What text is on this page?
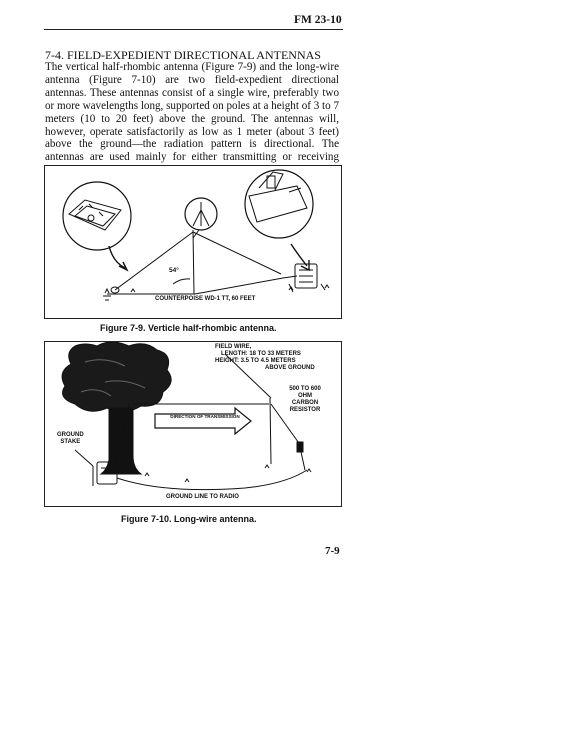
FM 23-10
7-4. FIELD-EXPEDIENT DIRECTIONAL ANTENNAS

The vertical half-rhombic antenna (Figure 7-9) and the long-wire antenna (Figure 7-10) are two field-expedient directional antennas. These antennas consist of a single wire, preferably two or more wavelengths long, supported on poles at a height of 3 to 7 meters (10 to 20 feet) above the ground. The antennas will, however, operate satisfactorily as low as 1 meter (about 3 feet) above the ground—the radiation pattern is directional. The antennas are used mainly for either transmitting or receiving

54°
COUNTERPOISE WD-1 TT, 60 FEET
Figure 7-9. Verticle half-rhombic antenna.
FIELD WIRE,
LENGTH: 18 TO 33 METERS
HEIGHT: 3.5 TO 4.5 METERS
ABOVE GROUND
500 TO 600
OHM
CARBON
RESISTOR
GROUND
STAKE
DIRECTION OF TRANSMISSION
GROUND LINE TO RADIO
Figure 7-10. Long-wire antenna.
7-9
